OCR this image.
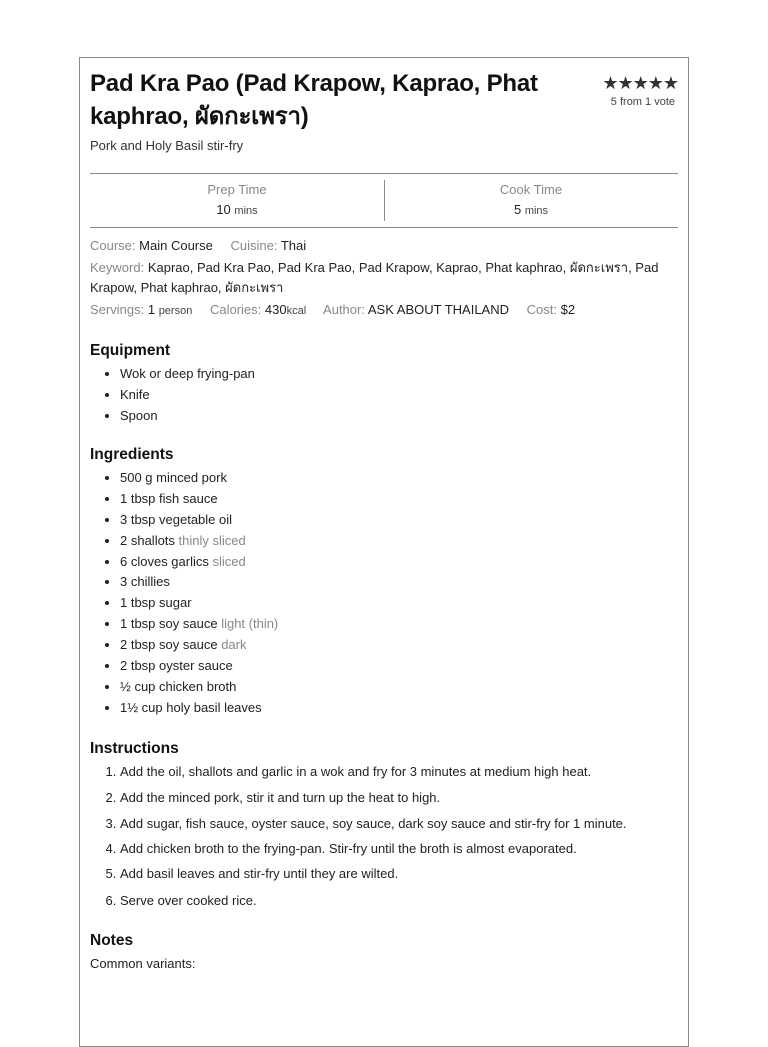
Pad Kra Pao (Pad Krapow, Kaprao, Phat kaphrao, ผัดกะเพรา)
★★★★★
5 from 1 vote
Pork and Holy Basil stir-fry
Prep Time
10 mins
Cook Time
5 mins
Course: Main Course Cuisine: Thai
Keyword: Kaprao, Pad Kra Pao, Pad Kra Pao, Pad Krapow, Kaprao, Phat kaphrao, ผัดกะเพรา, Pad Krapow, Phat kaphrao, ผัดกะเพรา
Servings: 1 person Calories: 430kcal Author: ASK ABOUT THAILAND Cost: $2
Equipment
• Wok or deep frying-pan
• Knife
• Spoon
Ingredients
• 500 g minced pork
• 1 tbsp fish sauce
• 3 tbsp vegetable oil
• 2 shallots thinly sliced
• 6 cloves garlics sliced
• 3 chillies
• 1 tbsp sugar
• 1 tbsp soy sauce light (thin)
• 2 tbsp soy sauce dark
• 2 tbsp oyster sauce
• ½ cup chicken broth
• 1½ cup holy basil leaves
Instructions
1. Add the oil, shallots and garlic in a wok and fry for 3 minutes at medium high heat.
2. Add the minced pork, stir it and turn up the heat to high.
3. Add sugar, fish sauce, oyster sauce, soy sauce, dark soy sauce and stir-fry for 1 minute.
4. Add chicken broth to the frying-pan. Stir-fry until the broth is almost evaporated.
5. Add basil leaves and stir-fry until they are wilted.
6. Serve over cooked rice.
Notes
Common variants:
